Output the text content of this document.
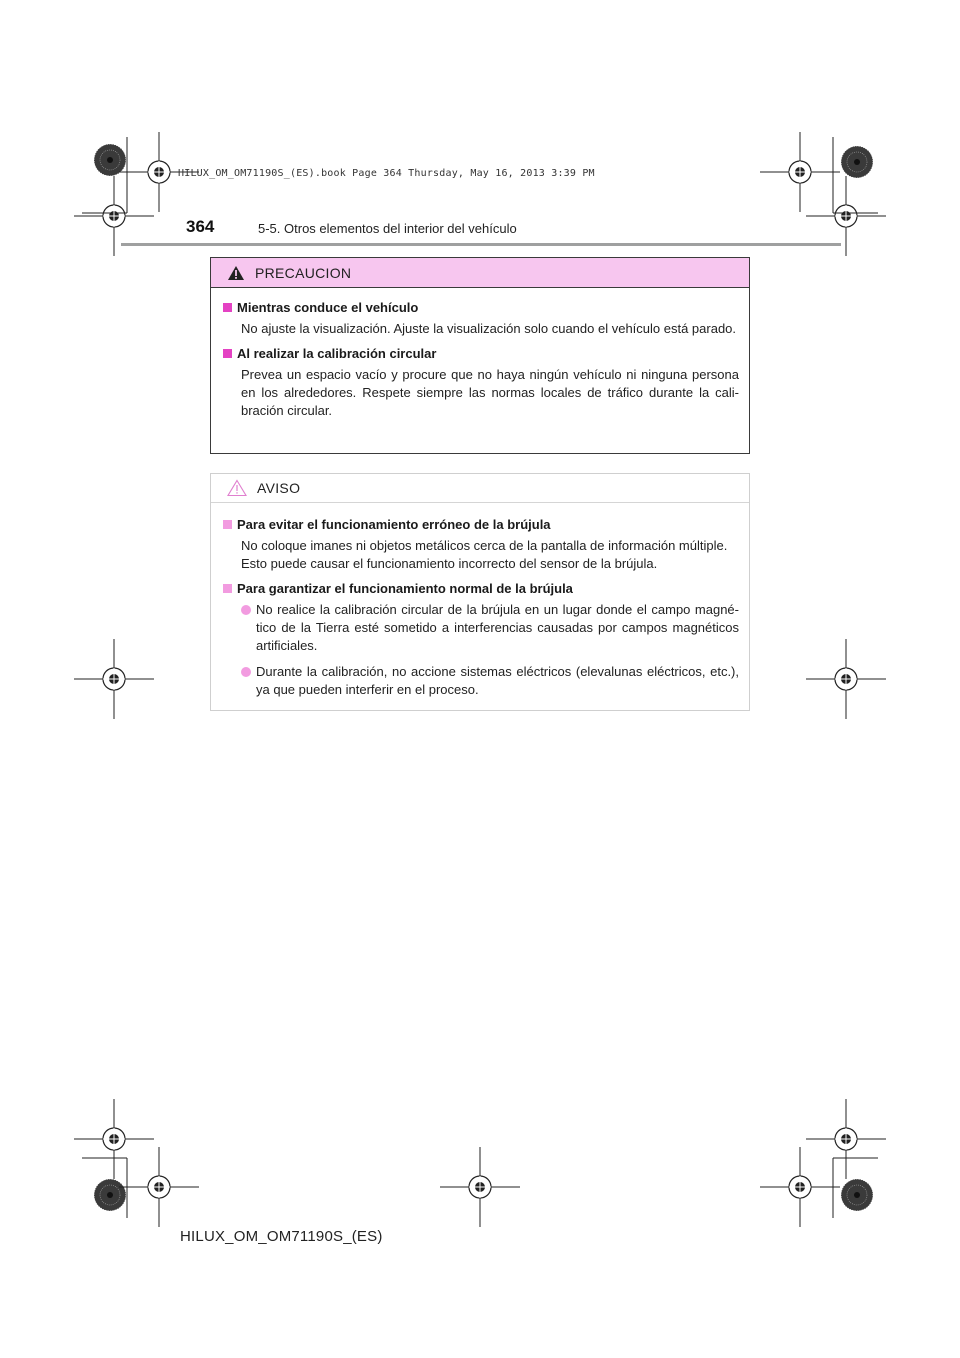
HILUX_OM_OM71190S_(ES).book Page 364 Thursday, May 16, 2013 3:39 PM
364	5-5. Otros elementos del interior del vehículo
PRECAUCION
Mientras conduce el vehículo
No ajuste la visualización. Ajuste la visualización solo cuando el vehículo está parado.
Al realizar la calibración circular
Prevea un espacio vacío y procure que no haya ningún vehículo ni ninguna persona en los alrededores. Respete siempre las normas locales de tráfico durante la cali-bración circular.
AVISO
Para evitar el funcionamiento erróneo de la brújula
No coloque imanes ni objetos metálicos cerca de la pantalla de información múltiple. Esto puede causar el funcionamiento incorrecto del sensor de la brújula.
Para garantizar el funcionamiento normal de la brújula
No realice la calibración circular de la brújula en un lugar donde el campo magné-tico de la Tierra esté sometido a interferencias causadas por campos magnéticos artificiales.
Durante la calibración, no accione sistemas eléctricos (elevalunas eléctricos, etc.), ya que pueden interferir en el proceso.
HILUX_OM_OM71190S_(ES)
